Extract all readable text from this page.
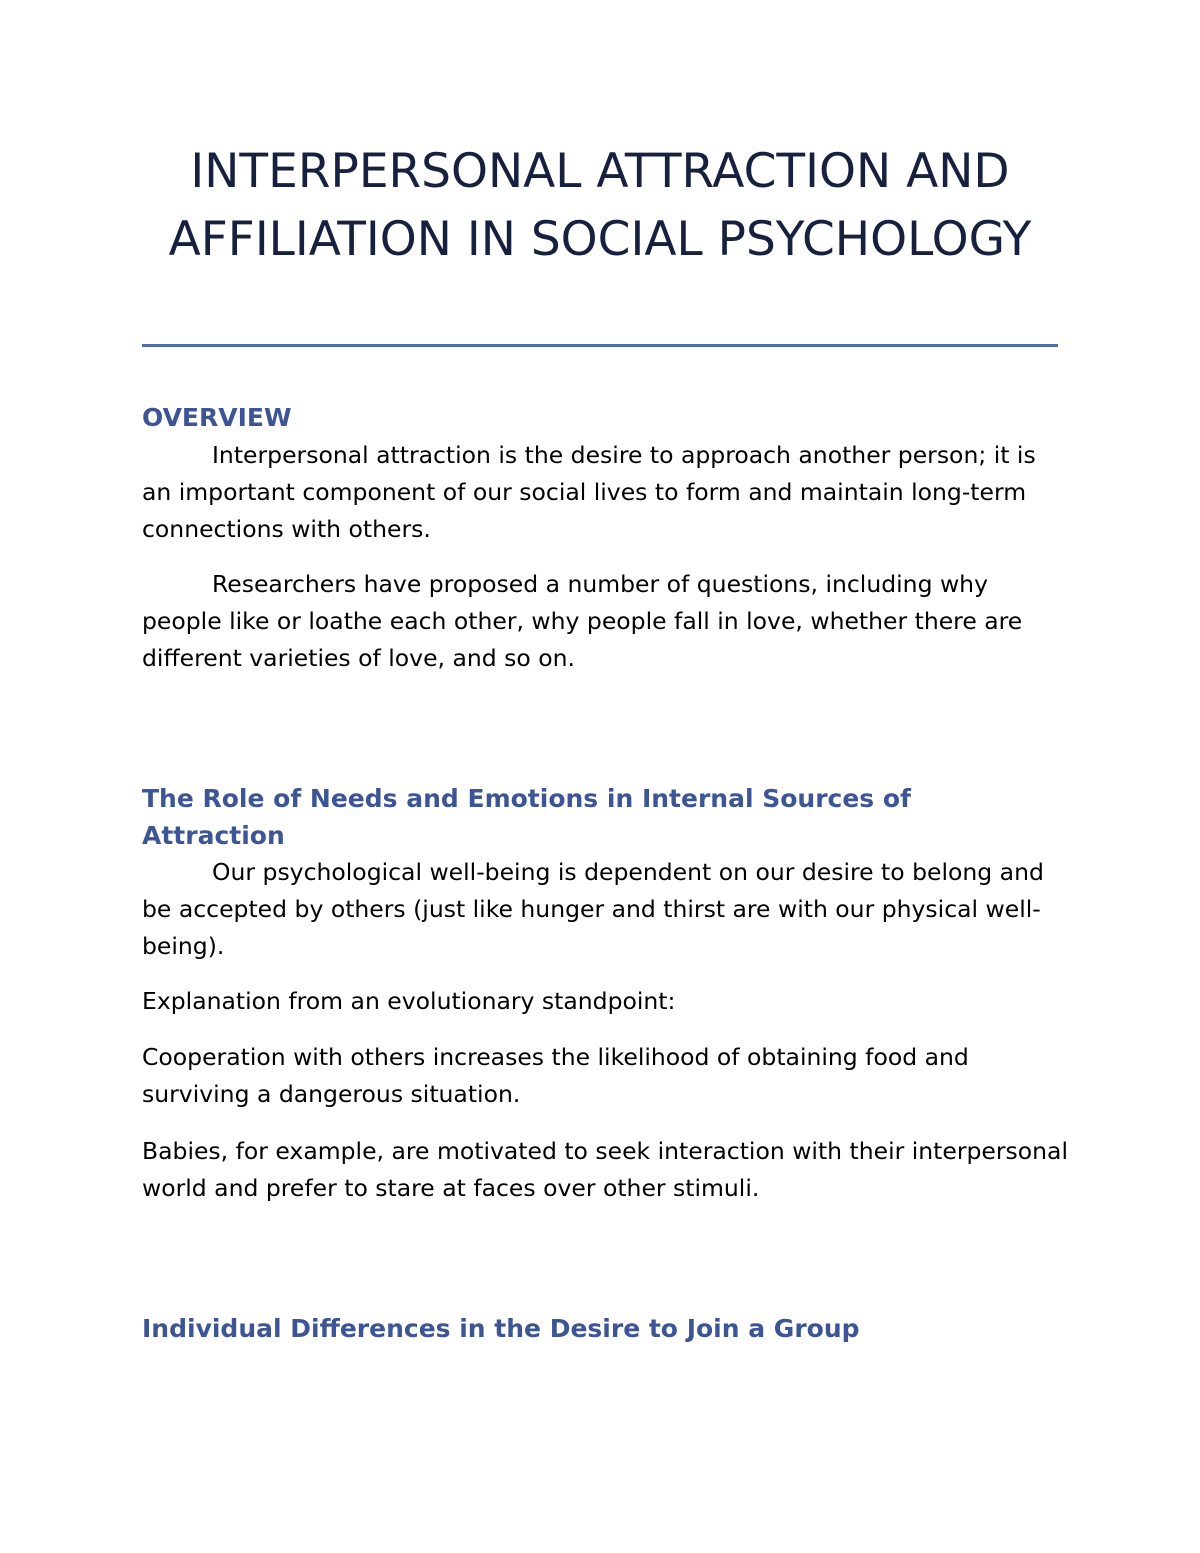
INTERPERSONAL ATTRACTION AND AFFILIATION IN SOCIAL PSYCHOLOGY
OVERVIEW

Interpersonal attraction is the desire to approach another person; it is an important component of our social lives to form and maintain long-term connections with others.

Researchers have proposed a number of questions, including why people like or loathe each other, why people fall in love, whether there are different varieties of love, and so on.

The Role of Needs and Emotions in Internal Sources of Attraction

Our psychological well-being is dependent on our desire to belong and be accepted by others (just like hunger and thirst are with our physical well-being).

Explanation from an evolutionary standpoint:

Cooperation with others increases the likelihood of obtaining food and surviving a dangerous situation.

Babies, for example, are motivated to seek interaction with their interpersonal world and prefer to stare at faces over other stimuli.

Individual Differences in the Desire to Join a Group
